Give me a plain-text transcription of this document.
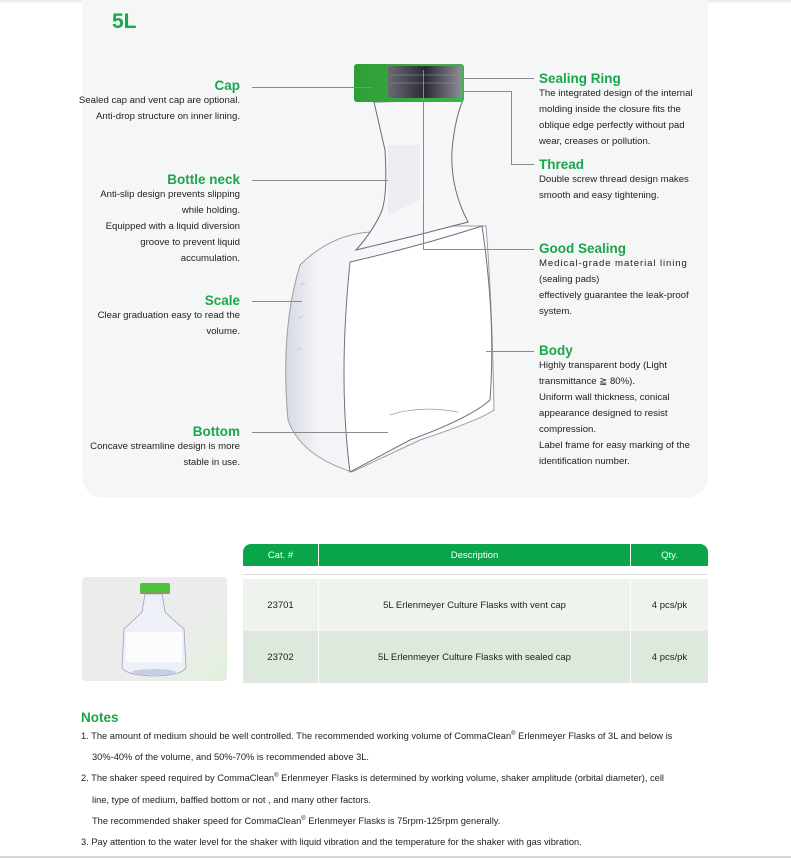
5L
Cap
Sealed cap and vent cap are optional.
Anti-drop structure on inner lining.
Bottle neck
Anti-slip design prevents slipping
while holding.
Equipped with a liquid diversion
groove to prevent liquid
accumulation.
Scale
Clear graduation easy to read the
volume.
Bottom
Concave streamline design is more
stable in use.
Sealing Ring
The integrated design of the internal
molding inside the closure fits the
oblique edge perfectly without pad
wear, creases or pollution.
Thread
Double screw thread design makes
smooth and easy tightening.
Good Sealing
Medical-grade material lining
(sealing pads)
effectively guarantee the leak-proof
system.
Body
Highly transparent body (Light
transmittance ≧ 80%).
Uniform wall thickness, conical
appearance designed to resist
compression.
Label frame for easy marking of the
identification number.
Cat. #	Description	Qty.
23701	5L Erlenmeyer Culture Flasks with vent cap	4 pcs/pk
23702	5L Erlenmeyer Culture Flasks with sealed cap	4 pcs/pk
Notes
1. The amount of medium should be well controlled. The recommended working volume of CommaClean® Erlenmeyer Flasks of 3L and below is
30%-40% of the volume, and 50%-70% is recommended above 3L.
2. The shaker speed required by CommaClean® Erlenmeyer Flasks is determined by working volume, shaker amplitude (orbital diameter), cell
line, type of medium, baffled bottom or not , and many other factors.
The recommended shaker speed for CommaClean® Erlenmeyer Flasks is 75rpm-125rpm generally.
3. Pay attention to the water level for the shaker with liquid vibration and the temperature for the shaker with gas vibration.
